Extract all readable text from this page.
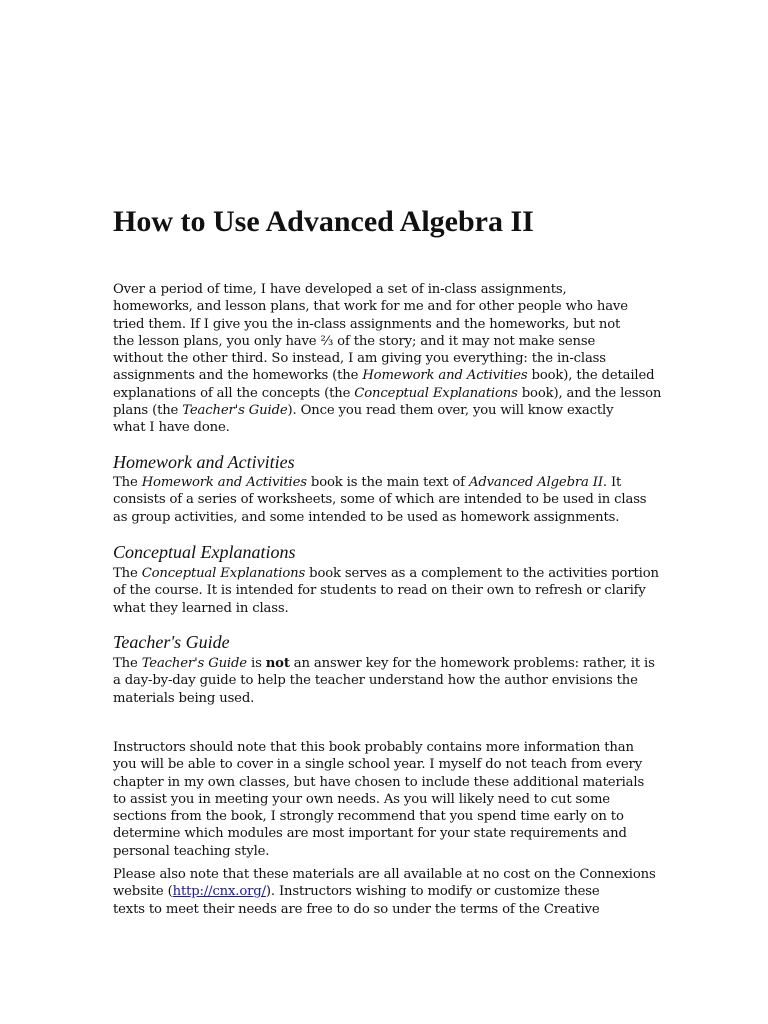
How to Use Advanced Algebra II
Over a period of time, I have developed a set of in-class assignments,
homeworks, and lesson plans, that work for me and for other people who have
tried them. If I give you the in-class assignments and the homeworks, but not
the lesson plans, you only have ⅔ of the story; and it may not make sense
without the other third. So instead, I am giving you everything: the in-class
assignments and the homeworks (the Homework and Activities book), the detailed
explanations of all the concepts (the Conceptual Explanations book), and the lesson
plans (the Teacher's Guide). Once you read them over, you will know exactly
what I have done.
Homework and Activities
The Homework and Activities book is the main text of Advanced Algebra II. It
consists of a series of worksheets, some of which are intended to be used in class
as group activities, and some intended to be used as homework assignments.
Conceptual Explanations
The Conceptual Explanations book serves as a complement to the activities portion
of the course. It is intended for students to read on their own to refresh or clarify
what they learned in class.
Teacher's Guide
The Teacher's Guide is not an answer key for the homework problems: rather, it is
a day-by-day guide to help the teacher understand how the author envisions the
materials being used.
Instructors should note that this book probably contains more information than
you will be able to cover in a single school year. I myself do not teach from every
chapter in my own classes, but have chosen to include these additional materials
to assist you in meeting your own needs. As you will likely need to cut some
sections from the book, I strongly recommend that you spend time early on to
determine which modules are most important for your state requirements and
personal teaching style.
Please also note that these materials are all available at no cost on the Connexions
website (http://cnx.org/). Instructors wishing to modify or customize these
texts to meet their needs are free to do so under the terms of the Creative
